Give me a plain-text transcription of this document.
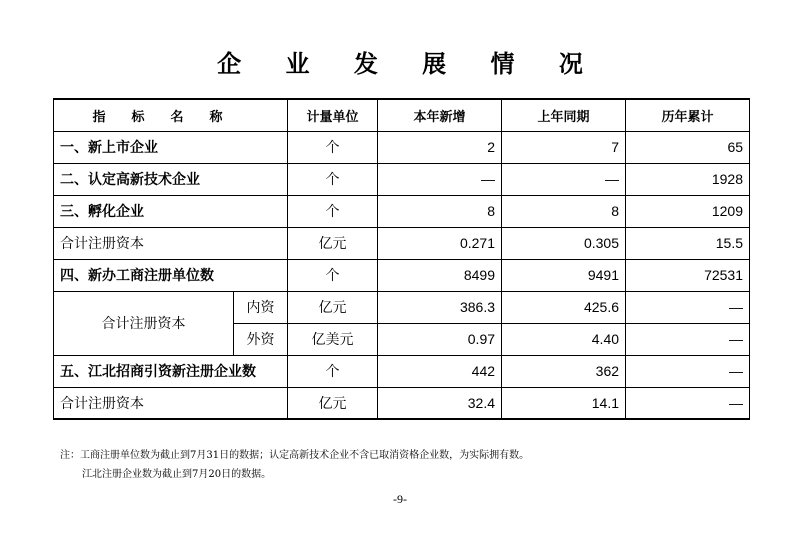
企 业 发 展 情 况
指标名称		计量单位	本年新增	上年同期	历年累计
一、新上市企业		个	2	7	65
二、认定高新技术企业		个	—	—	1928
三、孵化企业		个	8	8	1209
合计注册资本		亿元	0.271	0.305	15.5
四、新办工商注册单位数		个	8499	9491	72531
合计注册资本	内资	亿元	386.3	425.6	—
	外资	亿美元	0.97	4.40	—
五、江北招商引资新注册企业数		个	442	362	—
合计注册资本		亿元	32.4	14.1	—
注：工商注册单位数为截止到7月31日的数据；认定高新技术企业不含已取消资格企业数，为实际拥有数。
江北注册企业数为截止到7月20日的数据。
-9-
